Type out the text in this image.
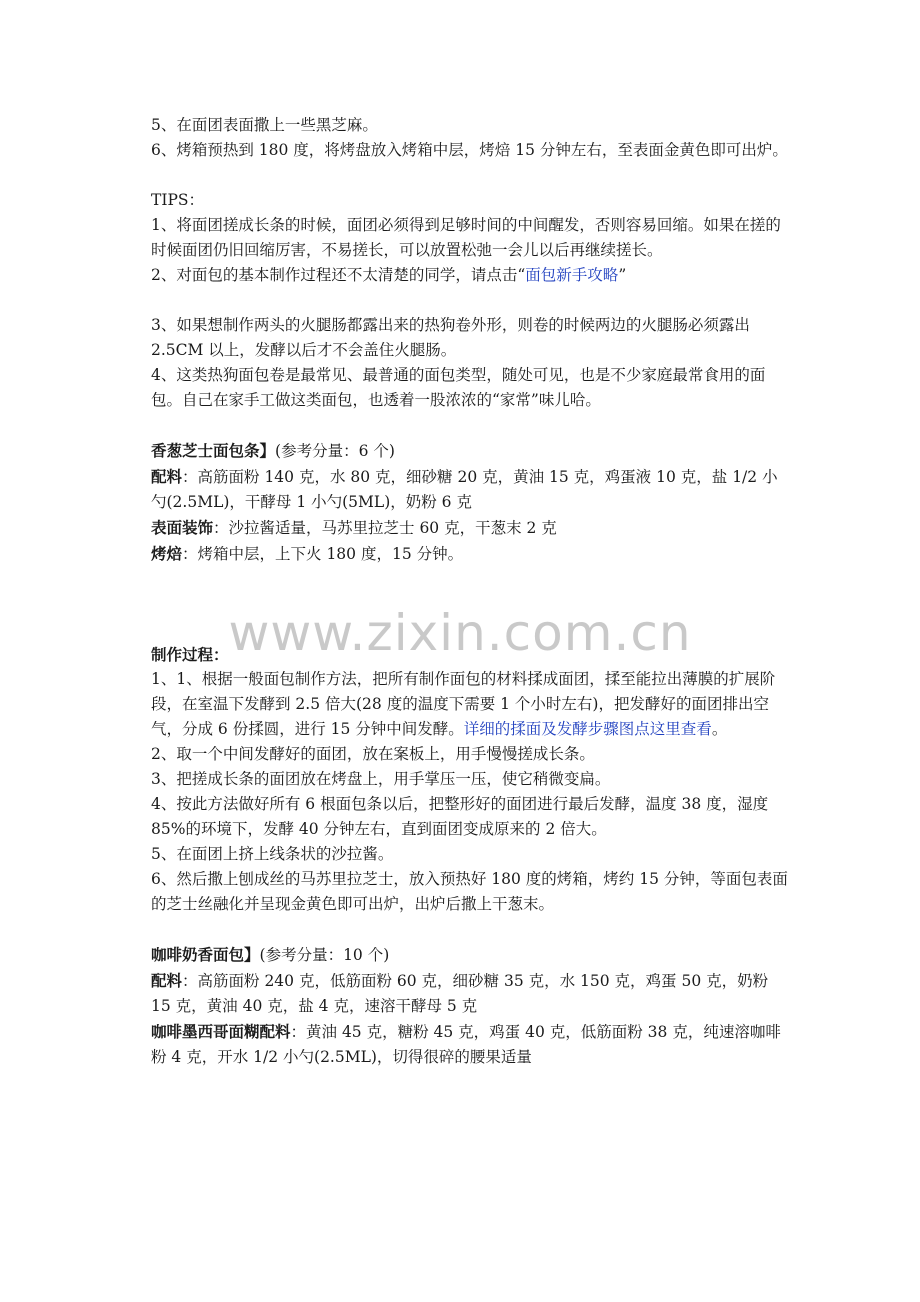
www.zixin.com.cn

5、在面团表面撒上一些黑芝麻。

6、烤箱预热到 180 度，将烤盘放入烤箱中层，烤焙 15 分钟左右，至表面金黄色即可出炉。

TIPS：

1、将面团搓成长条的时候，面团必须得到足够时间的中间醒发，否则容易回缩。如果在搓的时候面团仍旧回缩厉害，不易搓长，可以放置松弛一会儿以后再继续搓长。

2、对面包的基本制作过程还不太清楚的同学，请点击“面包新手攻略”

3、如果想制作两头的火腿肠都露出来的热狗卷外形，则卷的时候两边的火腿肠必须露出 2.5CM 以上，发酵以后才不会盖住火腿肠。

4、这类热狗面包卷是最常见、最普通的面包类型，随处可见，也是不少家庭最常食用的面包。自己在家手工做这类面包，也透着一股浓浓的“家常”味儿哈。

香葱芝士面包条】(参考分量：6 个)

配料：高筋面粉 140 克，水 80 克，细砂糖 20 克，黄油 15 克，鸡蛋液 10 克，盐 1/2 小勺(2.5ML)，干酵母 1 小勺(5ML)，奶粉 6 克

表面装饰：沙拉酱适量，马苏里拉芝士 60 克，干葱末 2 克

烤焙：烤箱中层，上下火 180 度，15 分钟。

制作过程：

1、1、根据一般面包制作方法，把所有制作面包的材料揉成面团，揉至能拉出薄膜的扩展阶段，在室温下发酵到 2.5 倍大(28 度的温度下需要 1 个小时左右)，把发酵好的面团排出空气，分成 6 份揉圆，进行 15 分钟中间发酵。详细的揉面及发酵步骤图点这里查看。

2、取一个中间发酵好的面团，放在案板上，用手慢慢搓成长条。

3、把搓成长条的面团放在烤盘上，用手掌压一压，使它稍微变扁。

4、按此方法做好所有 6 根面包条以后，把整形好的面团进行最后发酵，温度 38 度，湿度 85%的环境下，发酵 40 分钟左右，直到面团变成原来的 2 倍大。

5、在面团上挤上线条状的沙拉酱。

6、然后撒上刨成丝的马苏里拉芝士，放入预热好 180 度的烤箱，烤约 15 分钟，等面包表面的芝士丝融化并呈现金黄色即可出炉，出炉后撒上干葱末。

咖啡奶香面包】(参考分量：10 个)

配料：高筋面粉 240 克，低筋面粉 60 克，细砂糖 35 克，水 150 克，鸡蛋 50 克，奶粉 15 克，黄油 40 克，盐 4 克，速溶干酵母 5 克

咖啡墨西哥面糊配料：黄油 45 克，糖粉 45 克，鸡蛋 40 克，低筋面粉 38 克，纯速溶咖啡粉 4 克，开水 1/2 小勺(2.5ML)，切得很碎的腰果适量
